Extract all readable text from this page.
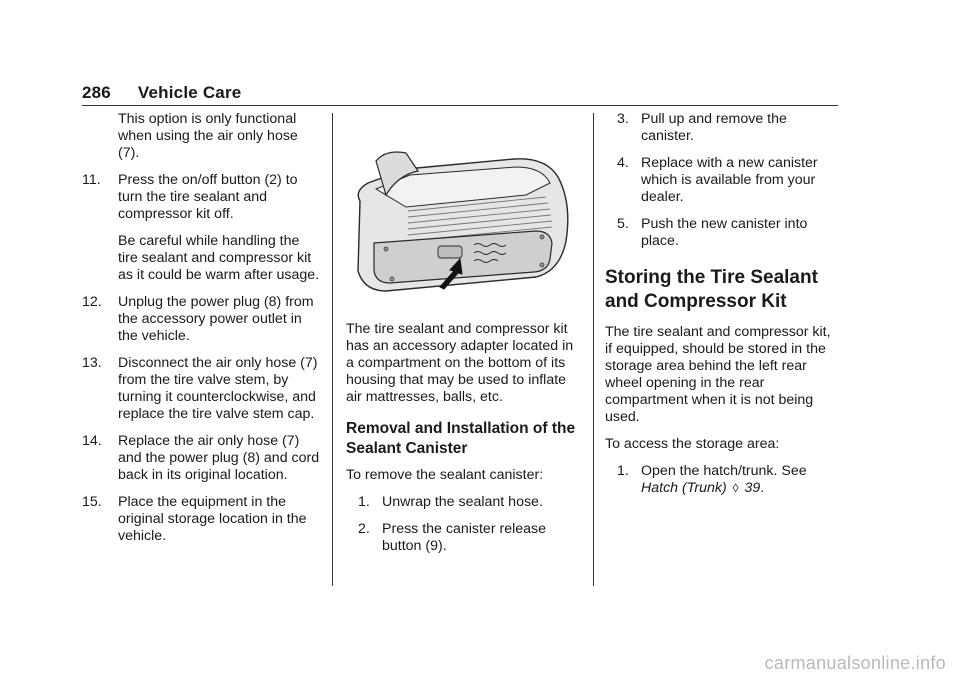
286 Vehicle Care
This option is only functional when using the air only hose (7).
11. Press the on/off button (2) to turn the tire sealant and compressor kit off.
Be careful while handling the tire sealant and compressor kit as it could be warm after usage.
12. Unplug the power plug (8) from the accessory power outlet in the vehicle.
13. Disconnect the air only hose (7) from the tire valve stem, by turning it counterclockwise, and replace the tire valve stem cap.
14. Replace the air only hose (7) and the power plug (8) and cord back in its original location.
15. Place the equipment in the original storage location in the vehicle.
The tire sealant and compressor kit has an accessory adapter located in a compartment on the bottom of its housing that may be used to inflate air mattresses, balls, etc.
Removal and Installation of the Sealant Canister
To remove the sealant canister:
1. Unwrap the sealant hose.
2. Press the canister release button (9).
3. Pull up and remove the canister.
4. Replace with a new canister which is available from your dealer.
5. Push the new canister into place.
Storing the Tire Sealant and Compressor Kit
The tire sealant and compressor kit, if equipped, should be stored in the storage area behind the left rear wheel opening in the rear compartment when it is not being used.
To access the storage area:
1. Open the hatch/trunk. See Hatch (Trunk) ◊ 39.
carmanualsonline.info
